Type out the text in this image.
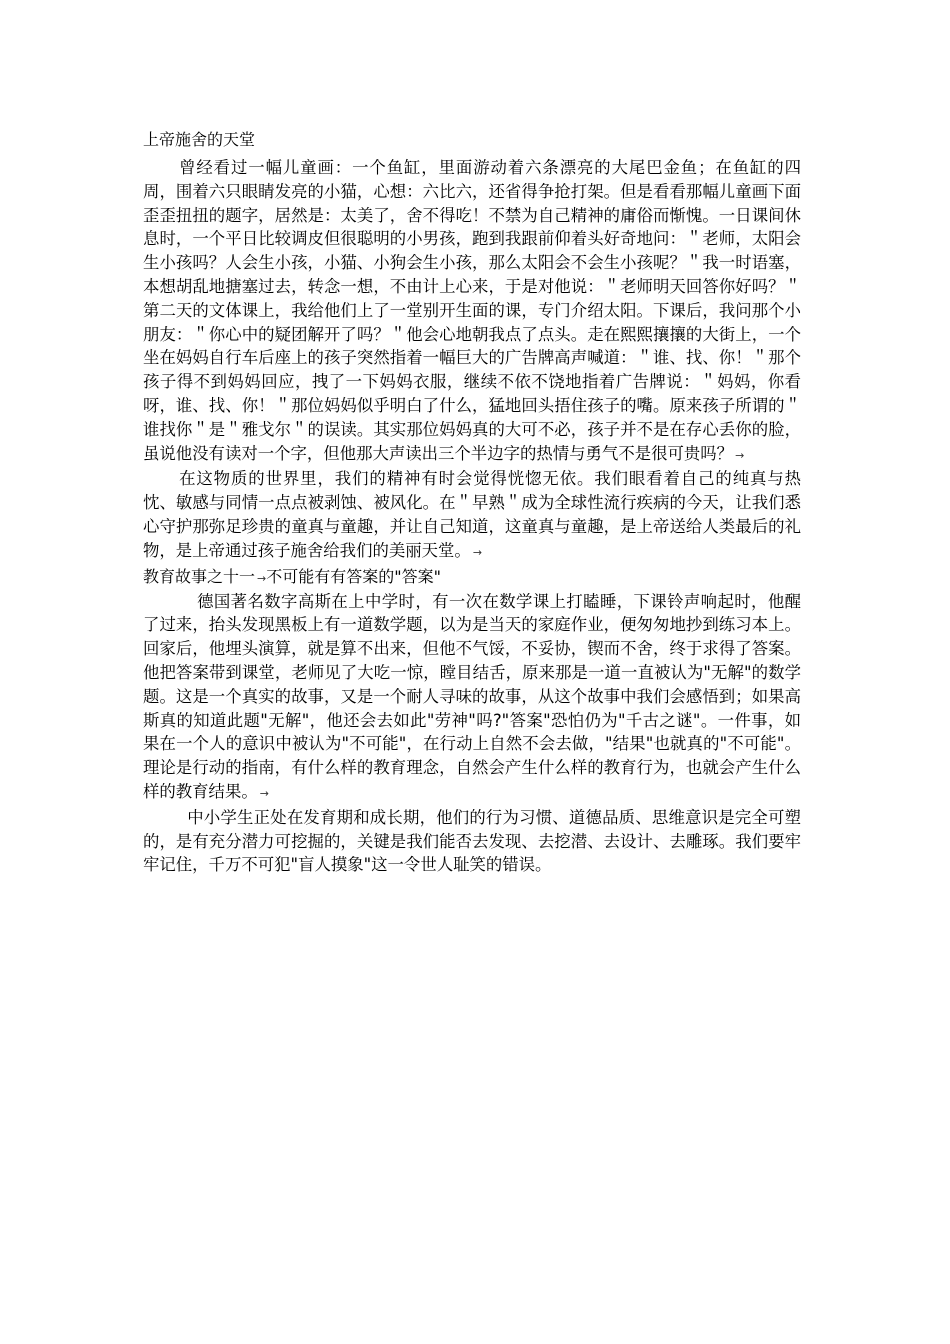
上帝施舍的天堂

曾经看过一幅儿童画：一个鱼缸，里面游动着六条漂亮的大尾巴金鱼；在鱼缸的四周，围着六只眼睛发亮的小猫，心想：六比六，还省得争抢打架。但是看看那幅儿童画下面歪歪扭扭的题字，居然是：太美了，舍不得吃！不禁为自己精神的庸俗而惭愧。一日课间休息时，一个平日比较调皮但很聪明的小男孩，跑到我跟前仰着头好奇地问：＂老师，太阳会生小孩吗？人会生小孩，小猫、小狗会生小孩，那么太阳会不会生小孩呢？＂我一时语塞，本想胡乱地搪塞过去，转念一想，不由计上心来，于是对他说：＂老师明天回答你好吗？＂第二天的文体课上，我给他们上了一堂别开生面的课，专门介绍太阳。下课后，我问那个小朋友：＂你心中的疑团解开了吗？＂他会心地朝我点了点头。走在熙熙攘攘的大街上，一个坐在妈妈自行车后座上的孩子突然指着一幅巨大的广告牌高声喊道：＂谁、找、你！＂那个孩子得不到妈妈回应，拽了一下妈妈衣服，继续不依不饶地指着广告牌说：＂妈妈，你看呀，谁、找、你！＂那位妈妈似乎明白了什么，猛地回头捂住孩子的嘴。原来孩子所谓的＂谁找你＂是＂雅戈尔＂的误读。其实那位妈妈真的大可不必，孩子并不是在存心丢你的脸，虽说他没有读对一个字，但他那大声读出三个半边字的热情与勇气不是很可贵吗？ →

在这物质的世界里，我们的精神有时会觉得恍惚无依。我们眼看着自己的纯真与热忱、敏感与同情一点点被剥蚀、被风化。在＂早熟＂成为全球性流行疾病的今天，让我们悉心守护那弥足珍贵的童真与童趣，并让自己知道，这童真与童趣，是上帝送给人类最后的礼物，是上帝通过孩子施舍给我们的美丽天堂。 →

教育故事之十一 →不可能有有答案的"答案"

德国著名数字高斯在上中学时，有一次在数学课上打瞌睡，下课铃声响起时，他醒了过来，抬头发现黑板上有一道数学题，以为是当天的家庭作业，便匆匆地抄到练习本上。回家后，他埋头演算，就是算不出来，但他不气馁，不妥协，锲而不舍，终于求得了答案。他把答案带到课堂，老师见了大吃一惊，瞠目结舌，原来那是一道一直被认为"无解"的数学题。这是一个真实的故事，又是一个耐人寻味的故事，从这个故事中我们会感悟到；如果高斯真的知道此题"无解"，他还会去如此"劳神"吗?"答案"恐怕仍为"千古之谜"。一件事，如果在一个人的意识中被认为"不可能"，在行动上自然不会去做，"结果"也就真的"不可能"。理论是行动的指南，有什么样的教育理念，自然会产生什么样的教育行为，也就会产生什么样的教育结果。 →

中小学生正处在发育期和成长期，他们的行为习惯、道德品质、思维意识是完全可塑的，是有充分潜力可挖掘的，关键是我们能否去发现、去挖潜、去设计、去雕琢。我们要牢牢记住，千万不可犯"盲人摸象"这一令世人耻笑的错误。
